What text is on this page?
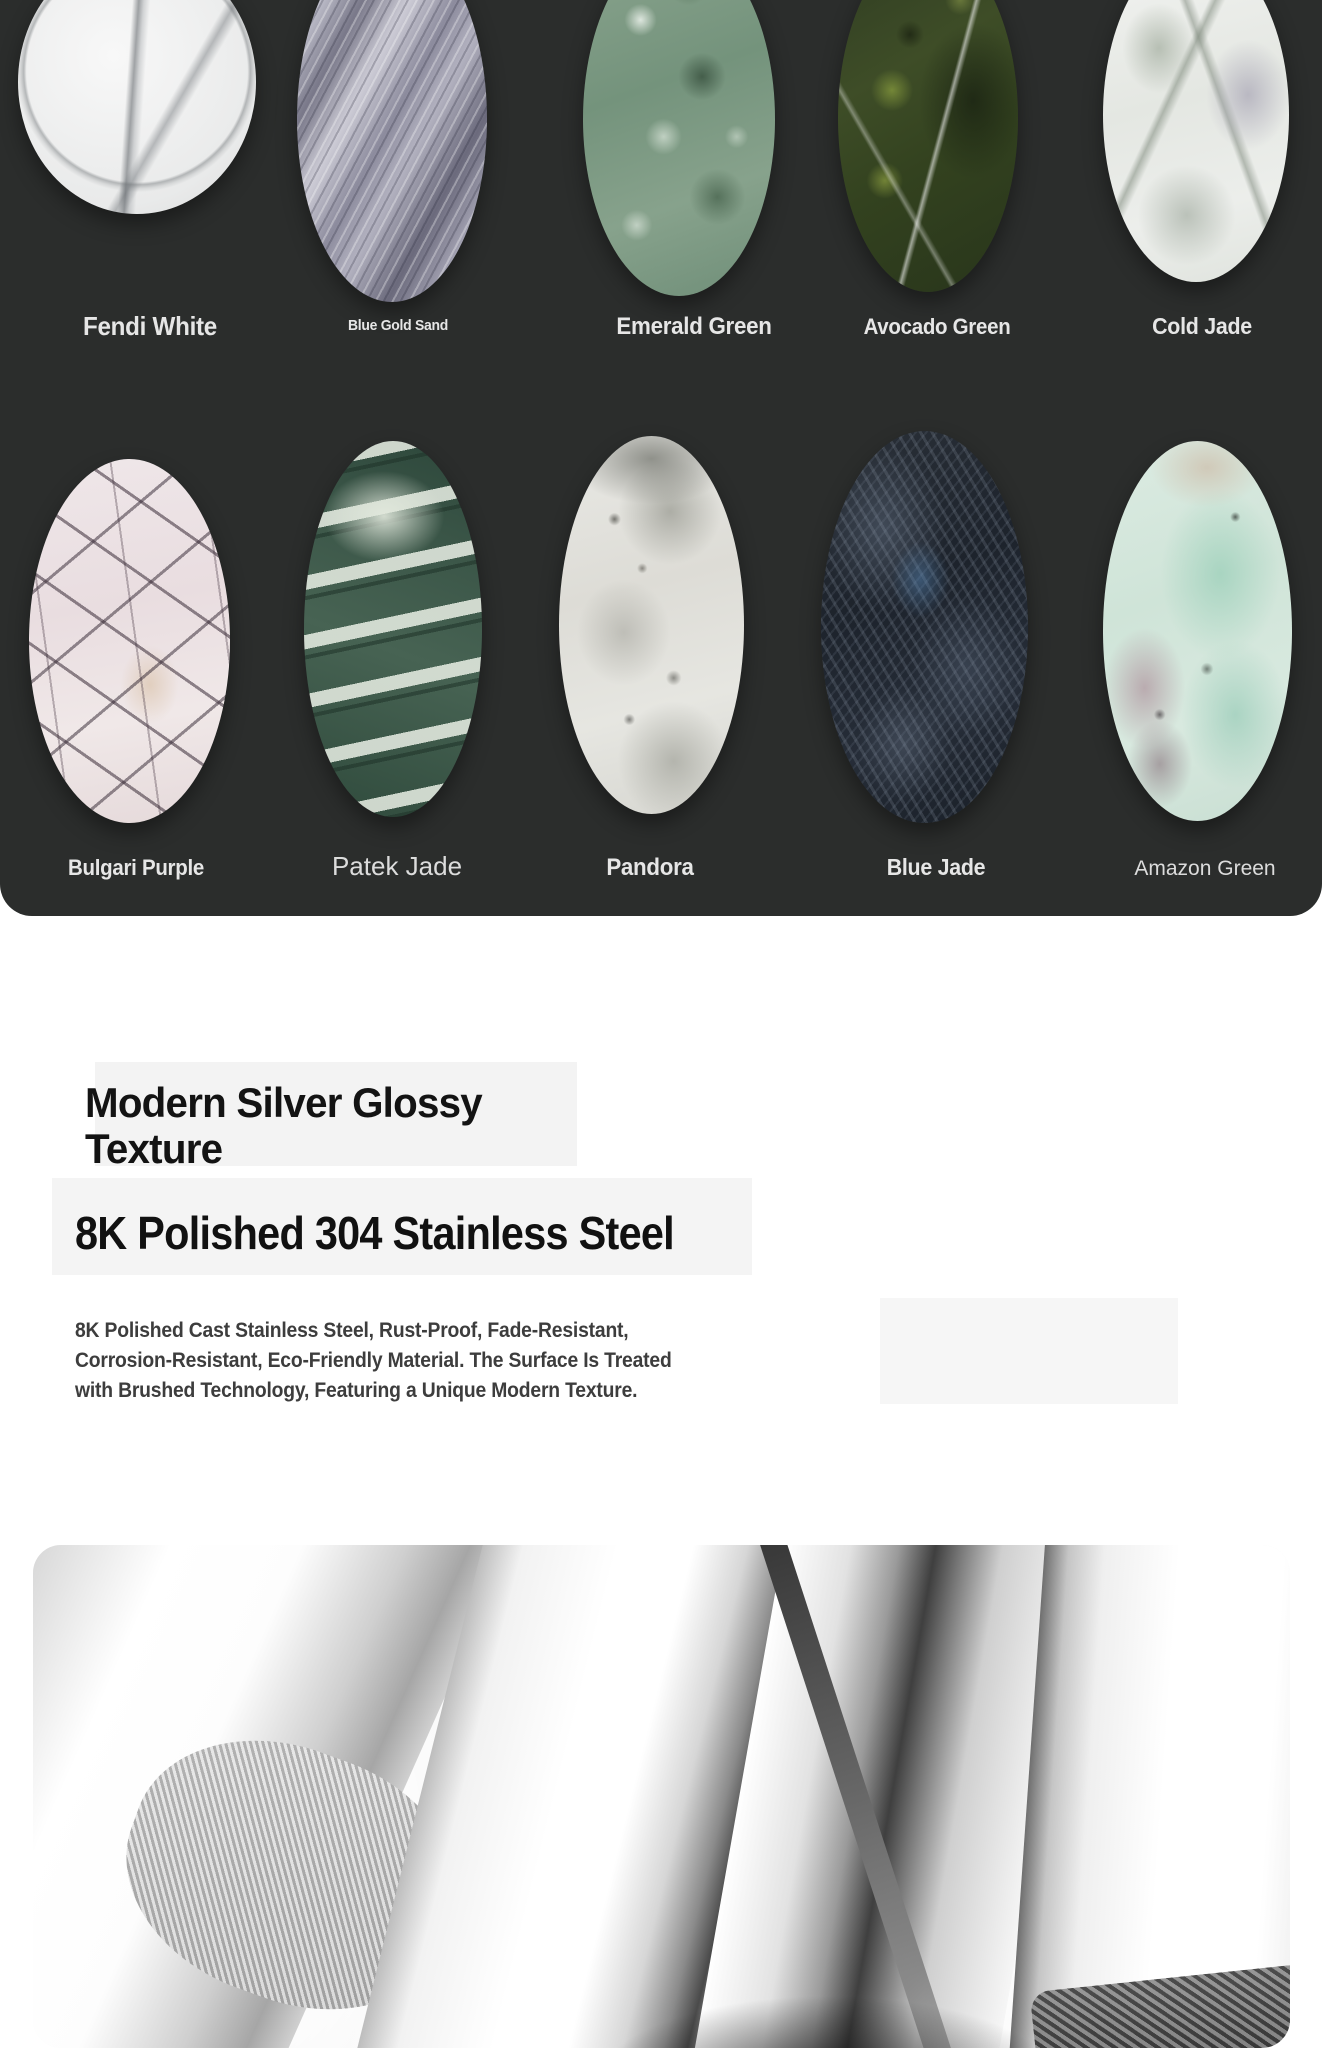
Fendi White	Blue Gold Sand	Emerald Green	Avocado Green	Cold Jade
Bulgari Purple	Patek Jade	Pandora	Blue Jade	Amazon Green
Modern Silver Glossy
Texture
8K Polished 304 Stainless Steel
8K Polished Cast Stainless Steel, Rust-Proof, Fade-Resistant,
Corrosion-Resistant, Eco-Friendly Material. The Surface Is Treated
with Brushed Technology, Featuring a Unique Modern Texture.
